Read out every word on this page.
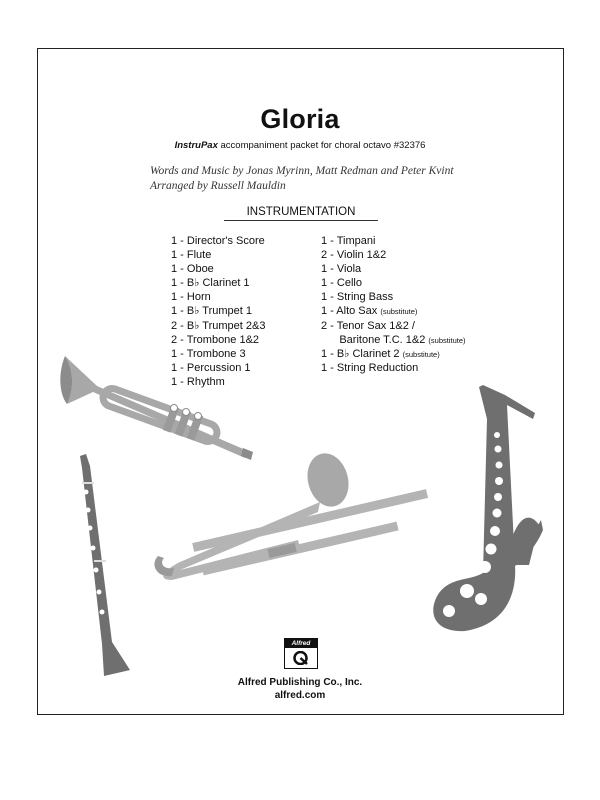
Gloria
InstruPax accompaniment packet for choral octavo #32376
Words and Music by Jonas Myrinn, Matt Redman and Peter Kvint
Arranged by Russell Mauldin
INSTRUMENTATION
1 - Director's Score
1 - Flute
1 - Oboe
1 - B♭ Clarinet 1
1 - Horn
1 - B♭ Trumpet 1
2 - B♭ Trumpet 2&3
2 - Trombone 1&2
1 - Trombone 3
1 - Percussion 1
1 - Rhythm
1 - Timpani
2 - Violin 1&2
1 - Viola
1 - Cello
1 - String Bass
1 - Alto Sax (substitute)
2 - Tenor Sax 1&2 /
Baritone T.C. 1&2 (substitute)
1 - B♭ Clarinet 2 (substitute)
1 - String Reduction
Alfred
Alfred Publishing Co., Inc.
alfred.com
